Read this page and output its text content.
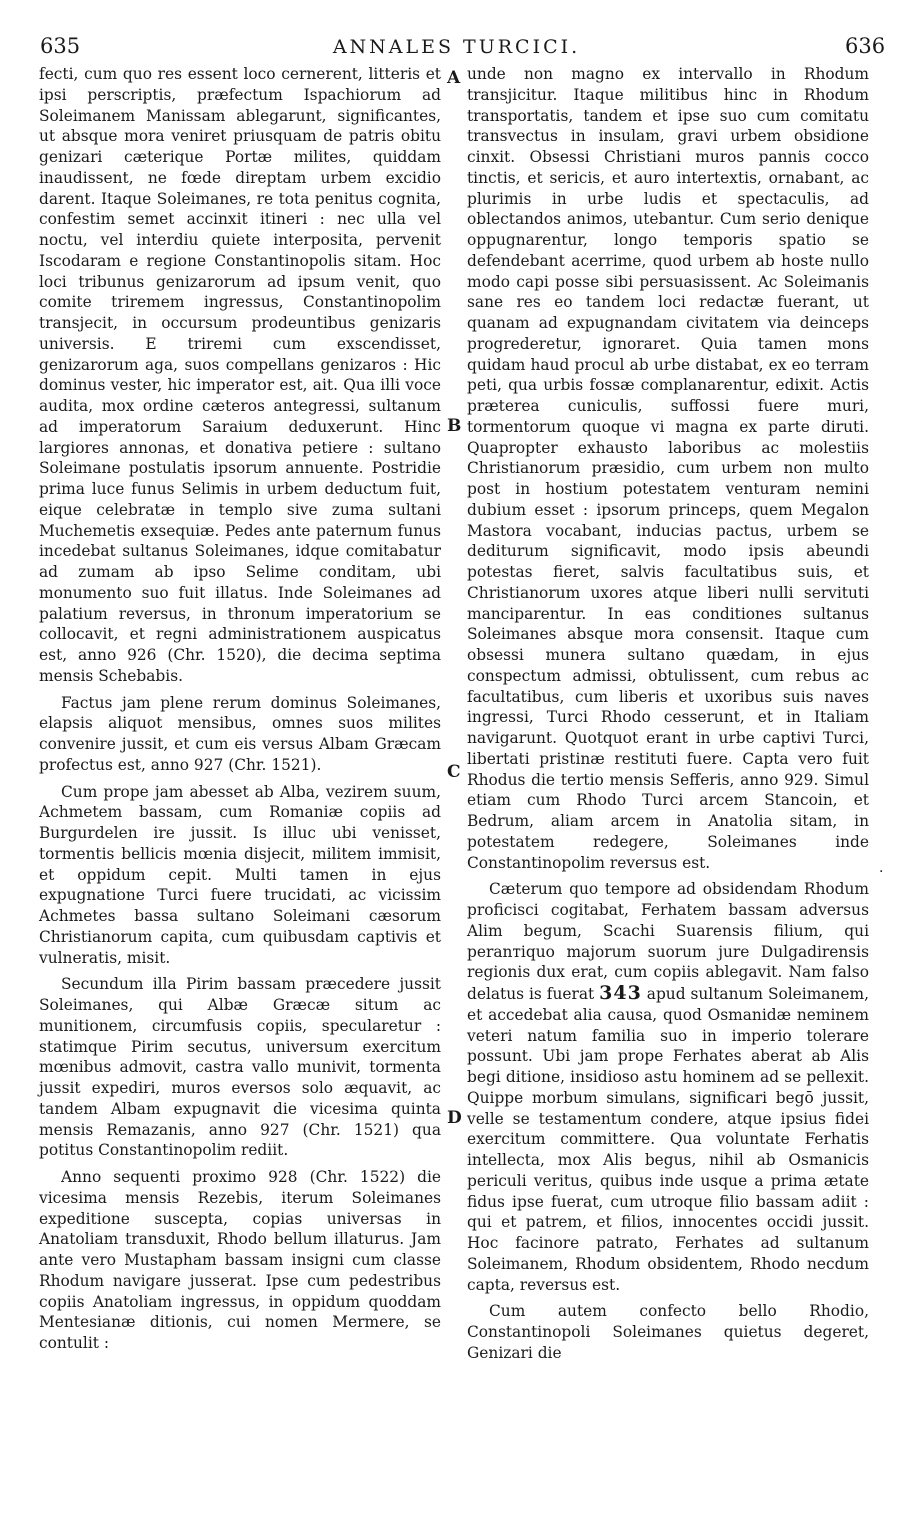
635	ANNALES TURCICI.	636

fecti, cum quo res essent loco cernerent, litteris et ipsi perscriptis, præfectum Ispachiorum ad Soleimanem Manissam ablegarunt, significantes, ut absque mora veniret priusquam de patris obitu genizari cæterique Portæ milites, quiddam inaudissent, ne fœde direptam urbem excidio darent. Itaque Soleimanes, re tota penitus cognita, confestim semet accinxit itineri : nec ulla vel noctu, vel interdiu quiete interposita, pervenit Iscodaram e regione Constantinopolis sitam. Hoc loci tribunus genizarorum ad ipsum venit, quo comite triremem ingressus, Constantinopolim transjecit, in occursum prodeuntibus genizaris universis. E triremi cum exscendisset, genizarorum aga, suos compellans genizaros : Hic dominus vester, hic imperator est, ait. Qua illi voce audita, mox ordine cæteros antegressi, sultanum ad imperatorum Saraium deduxerunt. Hinc largiores annonas, et donativa petiere : sultano Soleimane postulatis ipsorum annuente. Postridie prima luce funus Selimis in urbem deductum fuit, eique celebratæ in templo sive zuma sultani Muchemetis exsequiæ. Pedes ante paternum funus incedebat sultanus Soleimanes, idque comitabatur ad zumam ab ipso Selime conditam, ubi monumento suo fuit illatus. Inde Soleimanes ad palatium reversus, in thronum imperatorium se collocavit, et regni administrationem auspicatus est, anno 926 (Chr. 1520), die decima septima mensis Schebabis.

Factus jam plene rerum dominus Soleimanes, elapsis aliquot mensibus, omnes suos milites convenire jussit, et cum eis versus Albam Græcam profectus est, anno 927 (Chr. 1521).

Cum prope jam abesset ab Alba, vezirem suum, Achmetem bassam, cum Romaniæ copiis ad Burgurdelen ire jussit. Is illuc ubi venisset, tormentis bellicis mœnia disjecit, militem immisit, et oppidum cepit. Multi tamen in ejus expugnatione Turci fuere trucidati, ac vicissim Achmetes bassa sultano Soleimani cæsorum Christianorum capita, cum quibusdam captivis et vulneratis, misit.

Secundum illa Pirim bassam præcedere jussit Soleimanes, qui Albæ Græcæ situm ac munitionem, circumfusis copiis, specularetur : statimque Pirim secutus, universum exercitum mœnibus admovit, castra vallo munivit, tormenta jussit expediri, muros eversos solo æquavit, ac tandem Albam expugnavit die vicesima quinta mensis Remazanis, anno 927 (Chr. 1521) qua potitus Constantinopolim rediit.

Anno sequenti proximo 928 (Chr. 1522) die vicesima mensis Rezebis, iterum Soleimanes expeditione suscepta, copias universas in Anatoliam transduxit, Rhodo bellum illaturus. Jam ante vero Mustapham bassam insigni cum classe Rhodum navigare jusserat. Ipse cum pedestribus copiis Anatoliam ingressus, in oppidum quoddam Mentesianæ ditionis, cui nomen Mermere, se contulit :

A
B
C
D

unde non magno ex intervallo in Rhodum transjicitur. Itaque militibus hinc in Rhodum transportatis, tandem et ipse suo cum comitatu transvectus in insulam, gravi urbem obsidione cinxit. Obsessi Christiani muros pannis cocco tinctis, et sericis, et auro intertextis, ornabant, ac plurimis in urbe ludis et spectaculis, ad oblectandos animos, utebantur. Cum serio denique oppugnarentur, longo temporis spatio se defendebant acerrime, quod urbem ab hoste nullo modo capi posse sibi persuasissent. Ac Soleimanis sane res eo tandem loci redactæ fuerant, ut quanam ad expugnandam civitatem via deinceps progrederetur, ignoraret. Quia tamen mons quidam haud procul ab urbe distabat, ex eo terram peti, qua urbis fossæ complanarentur, edixit. Actis præterea cuniculis, suffossi fuere muri, tormentorum quoque vi magna ex parte diruti. Quapropter exhausto laboribus ac molestiis Christianorum præsidio, cum urbem non multo post in hostium potestatem venturam nemini dubium esset : ipsorum princeps, quem Megalon Mastora vocabant, inducias pactus, urbem se dediturum significavit, modo ipsis abeundi potestas fieret, salvis facultatibus suis, et Christianorum uxores atque liberi nulli servituti manciparentur. In eas conditiones sultanus Soleimanes absque mora consensit. Itaque cum obsessi munera sultano quædam, in ejus conspectum admissi, obtulissent, cum rebus ac facultatibus, cum liberis et uxoribus suis naves ingressi, Turci Rhodo cesserunt, et in Italiam navigarunt. Quotquot erant in urbe captivi Turci, libertati pristinæ restituti fuere. Capta vero fuit Rhodus die tertio mensis Sefferis, anno 929. Simul etiam cum Rhodo Turci arcem Stancoin, et Bedrum, aliam arcem in Anatolia sitam, in potestatem redegere, Soleimanes inde Constantinopolim reversus est.

Cæterum quo tempore ad obsidendam Rhodum proficisci cogitabat, Ferhatem bassam adversus Alim begum, Scachi Suarensis filium, qui peranтiquo majorum suorum jure Dulgadirensis regionis dux erat, cum copiis ablegavit. Nam falso delatus is fuerat 343 apud sultanum Soleimanem, et accedebat alia causa, quod Osmanidæ neminem veteri natum familia suo in imperio tolerare possunt. Ubi jam prope Ferhates aberat ab Alis begi ditione, insidioso astu hominem ad se pellexit. Quippe morbum simulans, significari begō jussit, velle se testamentum condere, atque ipsius fidei exercitum committere. Qua voluntate Ferhatis intellecta, mox Alis begus, nihil ab Osmanicis periculi veritus, quibus inde usque a prima ætate fidus ipse fuerat, cum utroque filio bassam adiit : qui et patrem, et filios, innocentes occidi jussit. Hoc facinore patrato, Ferhates ad sultanum Soleimanem, Rhodum obsidentem, Rhodo necdum capta, reversus est.

Cum autem confecto bello Rhodio, Constantinopoli Soleimanes quietus degeret, Genizari die

·
